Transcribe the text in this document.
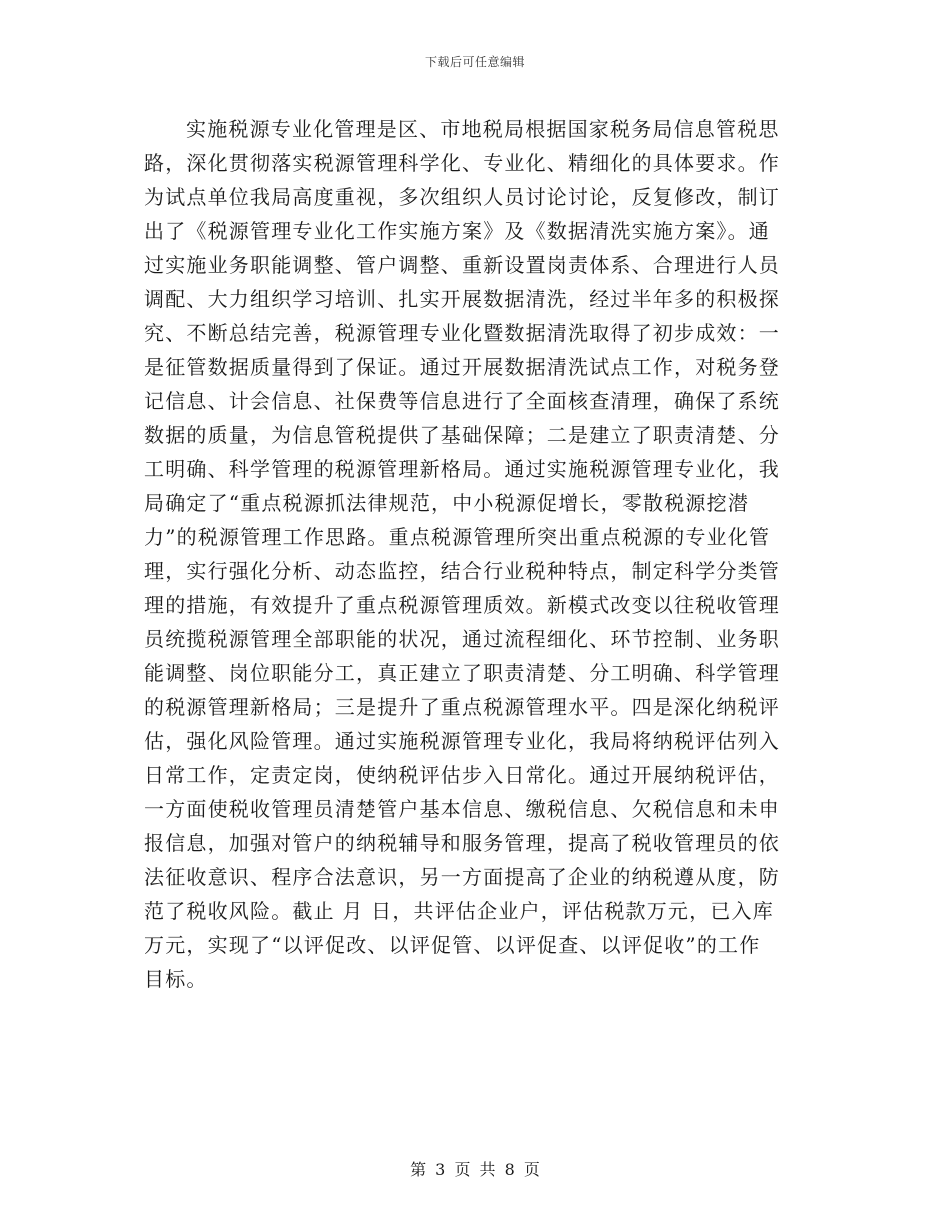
下载后可任意编辑
实施税源专业化管理是区、市地税局根据国家税务局信息管税思
路，深化贯彻落实税源管理科学化、专业化、精细化的具体要求。作
为试点单位我局高度重视，多次组织人员讨论讨论，反复修改，制订
出了《税源管理专业化工作实施方案》及《数据清洗实施方案》。通
过实施业务职能调整、管户调整、重新设置岗责体系、合理进行人员
调配、大力组织学习培训、扎实开展数据清洗，经过半年多的积极探
究、不断总结完善，税源管理专业化暨数据清洗取得了初步成效：一
是征管数据质量得到了保证。通过开展数据清洗试点工作，对税务登
记信息、计会信息、社保费等信息进行了全面核查清理，确保了系统
数据的质量，为信息管税提供了基础保障；二是建立了职责清楚、分
工明确、科学管理的税源管理新格局。通过实施税源管理专业化，我
局确定了“重点税源抓法律规范，中小税源促增长，零散税源挖潜
力”的税源管理工作思路。重点税源管理所突出重点税源的专业化管
理，实行强化分析、动态监控，结合行业税种特点，制定科学分类管
理的措施，有效提升了重点税源管理质效。新模式改变以往税收管理
员统揽税源管理全部职能的状况，通过流程细化、环节控制、业务职
能调整、岗位职能分工，真正建立了职责清楚、分工明确、科学管理
的税源管理新格局；三是提升了重点税源管理水平。四是深化纳税评
估，强化风险管理。通过实施税源管理专业化，我局将纳税评估列入
日常工作，定责定岗，使纳税评估步入日常化。通过开展纳税评估，
一方面使税收管理员清楚管户基本信息、缴税信息、欠税信息和未申
报信息，加强对管户的纳税辅导和服务管理，提高了税收管理员的依
法征收意识、程序合法意识，另一方面提高了企业的纳税遵从度，防
范了税收风险。截止 月 日，共评估企业户，评估税款万元，已入库
万元，实现了“以评促改、以评促管、以评促查、以评促收”的工作
目标。
第 3 页 共 8 页
